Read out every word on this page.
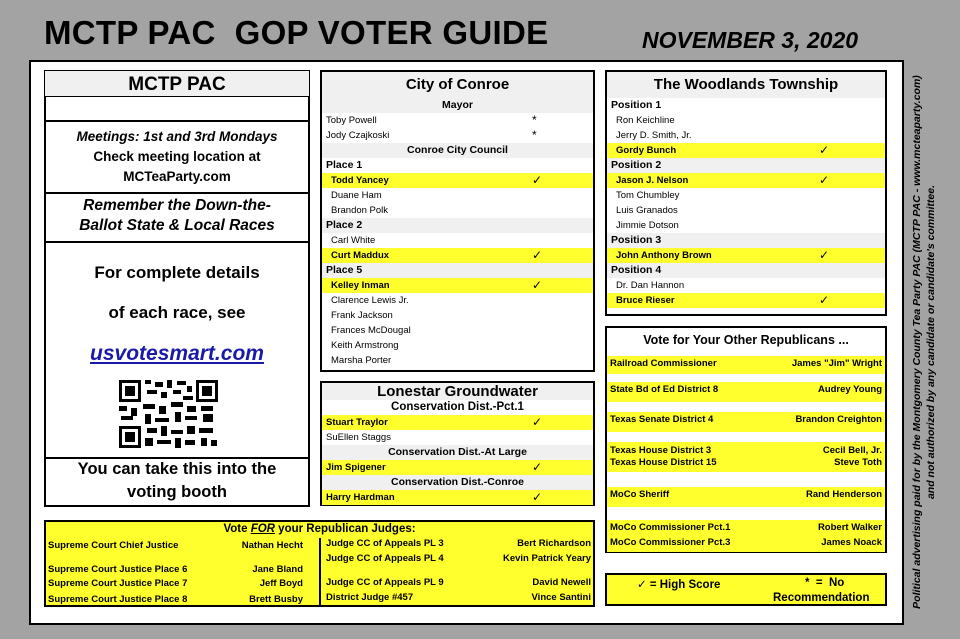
MCTP PAC  GOP VOTER GUIDE	NOVEMBER 3, 2020
Political advertising paid for by the Montgomery County Tea Party PAC (MCTP PAC - www.mcteaparty.com) and not authorized by any candidate or candidate's committee.
MCTP PAC
Meetings: 1st and 3rd Mondays
Check meeting location at
MCTeaParty.com
Remember the Down-the-
Ballot State & Local Races
For complete details
of each race, see
usvotesmart.com
You can take this into the
voting booth
City of Conroe
Mayor
Toby Powell	*
Jody Czajkoski	*
Conroe City Council
Place 1
Todd Yancey	✓
Duane Ham
Brandon Polk
Place 2
Carl White
Curt Maddux	✓
Place 5
Kelley Inman	✓
Clarence Lewis Jr.
Frank Jackson
Frances McDougal
Keith Armstrong
Marsha Porter
Lonestar Groundwater
Conservation Dist.-Pct.1
Stuart Traylor	✓
SuEllen Staggs
Conservation Dist.-At Large
Jim Spigener	✓
Conservation Dist.-Conroe
Harry Hardman	✓
The Woodlands Township
Position 1
Ron Keichline
Jerry D. Smith, Jr.
Gordy Bunch	✓
Position 2
Jason J. Nelson	✓
Tom Chumbley
Luis Granados
Jimmie Dotson
Position 3
John Anthony Brown	✓
Position 4
Dr. Dan Hannon
Bruce Rieser	✓
Vote for Your Other Republicans ...
Railroad Commissioner	James "Jim" Wright
State Bd of Ed District 8	Audrey Young
Texas Senate District 4	Brandon Creighton
Texas House District 3	Cecil Bell, Jr.
Texas House District 15	Steve Toth
MoCo Sheriff	Rand Henderson
MoCo Commissioner Pct.1	Robert Walker
MoCo Commissioner Pct.3	James Noack
✓ = High Score	*  =  No
Recommendation
Vote FOR your Republican Judges:
Supreme Court Chief Justice	Nathan Hecht
Supreme Court Justice Place 6	Jane Bland
Supreme Court Justice Place 7	Jeff Boyd
Supreme Court Justice Place 8	Brett Busby
Judge CC of Appeals PL 3	Bert Richardson
Judge CC of Appeals PL 4	Kevin Patrick Yeary
Judge CC of Appeals PL 9	David Newell
District Judge #457	Vince Santini
